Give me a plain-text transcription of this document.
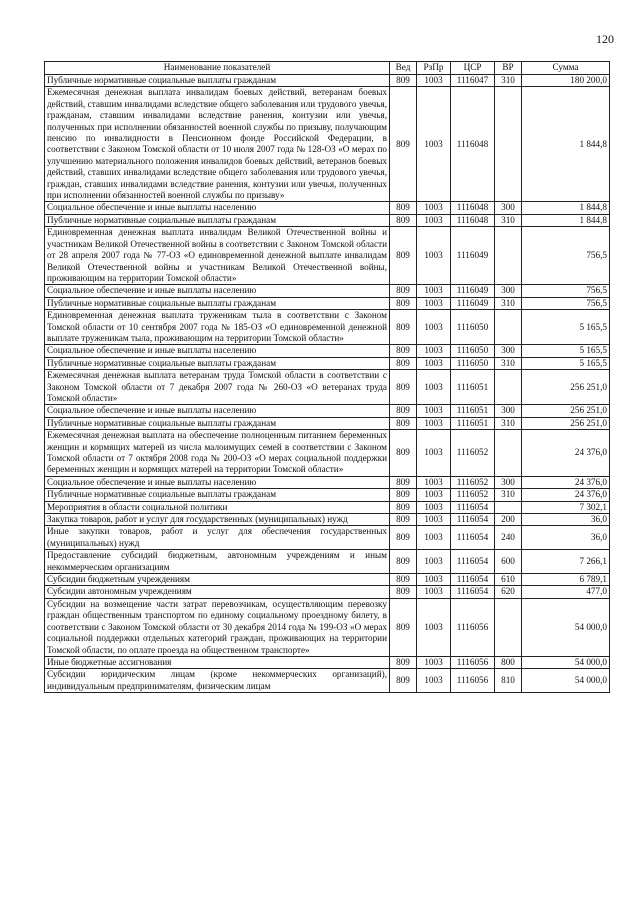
120
Наименование показателей	Вед	РзПр	ЦСР	ВР	Сумма
Публичные нормативные социальные выплаты гражданам	809	1003	1116047	310	180 200,0
Ежемесячная денежная выплата инвалидам боевых действий, ветеранам боевых действий, ставшим инвалидами вследствие общего заболевания или трудового увечья, гражданам, ставшим инвалидами вследствие ранения, контузии или увечья, полученных при исполнении обязанностей военной службы по призыву, получающим пенсию по инвалидности в Пенсионном фонде Российской Федерации, в соответствии с Законом Томской области от 10 июля 2007 года № 128-ОЗ «О мерах по улучшению материального положения инвалидов боевых действий, ветеранов боевых действий, ставших инвалидами вследствие общего заболевания или трудового увечья, граждан, ставших инвалидами вследствие ранения, контузии или увечья, полученных при исполнении обязанностей военной службы по призыву»	809	1003	1116048		1 844,8
Социальное обеспечение и иные выплаты населению	809	1003	1116048	300	1 844,8
Публичные нормативные социальные выплаты гражданам	809	1003	1116048	310	1 844,8
Единовременная денежная выплата инвалидам Великой Отечественной войны и участникам Великой Отечественной войны в соответствии с Законом Томской области от 28 апреля 2007 года № 77-ОЗ «О единовременной денежной выплате инвалидам Великой Отечественной войны и участникам Великой Отечественной войны, проживающим на территории Томской области»	809	1003	1116049		756,5
Социальное обеспечение и иные выплаты населению	809	1003	1116049	300	756,5
Публичные нормативные социальные выплаты гражданам	809	1003	1116049	310	756,5
Единовременная денежная выплата труженикам тыла в соответствии с Законом Томской области от 10 сентября 2007 года № 185-ОЗ «О единовременной денежной выплате труженикам тыла, проживающим на территории Томской области»	809	1003	1116050		5 165,5
Социальное обеспечение и иные выплаты населению	809	1003	1116050	300	5 165,5
Публичные нормативные социальные выплаты гражданам	809	1003	1116050	310	5 165,5
Ежемесячная денежная выплата ветеранам труда Томской области в соответствии с Законом Томской области от 7 декабря 2007 года № 260-ОЗ «О ветеранах труда Томской области»	809	1003	1116051		256 251,0
Социальное обеспечение и иные выплаты населению	809	1003	1116051	300	256 251,0
Публичные нормативные социальные выплаты гражданам	809	1003	1116051	310	256 251,0
Ежемесячная денежная выплата на обеспечение полноценным питанием беременных женщин и кормящих матерей из числа малоимущих семей в соответствии с Законом Томской области от 7 октября 2008 года № 200-ОЗ «О мерах социальной поддержки беременных женщин и кормящих матерей на территории Томской области»	809	1003	1116052		24 376,0
Социальное обеспечение и иные выплаты населению	809	1003	1116052	300	24 376,0
Публичные нормативные социальные выплаты гражданам	809	1003	1116052	310	24 376,0
Мероприятия в области социальной политики	809	1003	1116054		7 302,1
Закупка товаров, работ и услуг для государственных (муниципальных) нужд	809	1003	1116054	200	36,0
Иные закупки товаров, работ и услуг для обеспечения государственных (муниципальных) нужд	809	1003	1116054	240	36,0
Предоставление субсидий бюджетным, автономным учреждениям и иным некоммерческим организациям	809	1003	1116054	600	7 266,1
Субсидии бюджетным учреждениям	809	1003	1116054	610	6 789,1
Субсидии автономным учреждениям	809	1003	1116054	620	477,0
Субсидии на возмещение части затрат перевозчикам, осуществляющим перевозку граждан общественным транспортом по единому социальному проездному билету, в соответствии с Законом Томской области от 30 декабря 2014 года № 199-ОЗ «О мерах социальной поддержки отдельных категорий граждан, проживающих на территории Томской области, по оплате проезда на общественном транспорте»	809	1003	1116056		54 000,0
Иные бюджетные ассигнования	809	1003	1116056	800	54 000,0
Субсидии юридическим лицам (кроме некоммерческих организаций), индивидуальным предпринимателям, физическим лицам	809	1003	1116056	810	54 000,0
